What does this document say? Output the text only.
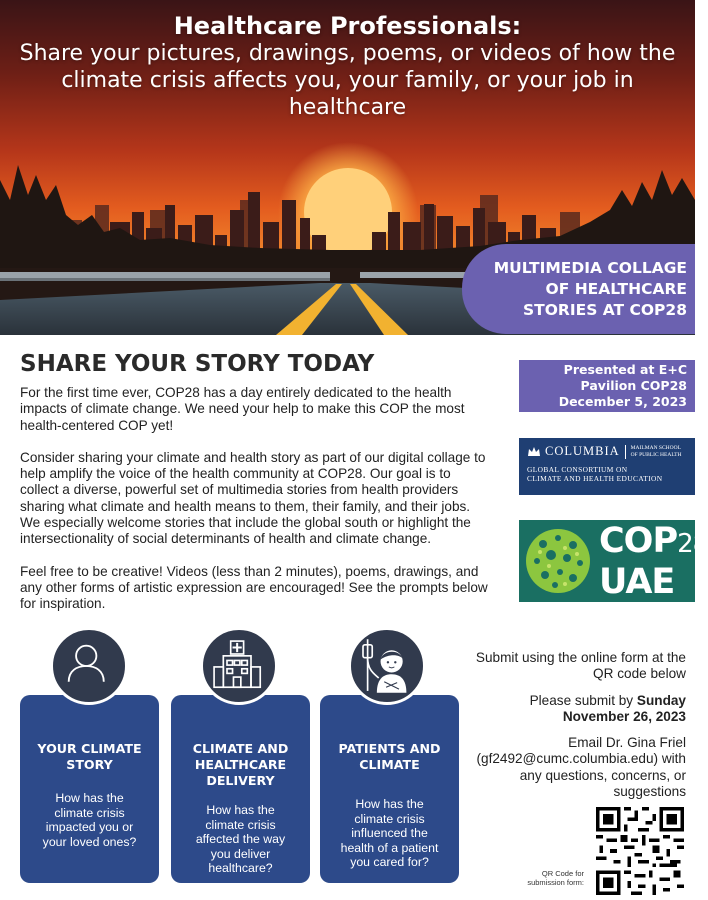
Healthcare Professionals:
Share your pictures, drawings, poems, or videos of how the climate crisis affects you, your family, or your job in healthcare
MULTIMEDIA COLLAGE
OF HEALTHCARE
STORIES AT COP28
SHARE YOUR STORY TODAY

For the first time ever, COP28 has a day entirely dedicated to the health impacts of climate change. We need your help to make this COP the most health-centered COP yet!

Consider sharing your climate and health story as part of our digital collage to help amplify the voice of the health community at COP28. Our goal is to collect a diverse, powerful set of multimedia stories from health providers sharing what climate and health means to them, their family, and their jobs. We especially welcome stories that include the global south or highlight the intersectionality of social determinants of health and climate change.

Feel free to be creative! Videos (less than 2 minutes), poems, drawings, and any other forms of artistic expression are encouraged! See the prompts below for inspiration.

Presented at E+C
Pavilion COP28
December 5, 2023
COLUMBIA MAILMAN SCHOOL
OF PUBLIC HEALTH
GLOBAL CONSORTIUM ON
CLIMATE AND HEALTH EDUCATION
COP28
UAE

Submit using the online form at the QR code below

Please submit by Sunday November 26, 2023

Email Dr. Gina Friel (gf2492@cumc.columbia.edu) with any questions, concerns, or suggestions

QR Code for
submission form:
YOUR CLIMATE
STORY
How has the
climate crisis
impacted you or
your loved ones?
CLIMATE AND
HEALTHCARE
DELIVERY
How has the
climate crisis
affected the way
you deliver
healthcare?
PATIENTS AND
CLIMATE
How has the
climate crisis
influenced the
health of a patient
you cared for?
